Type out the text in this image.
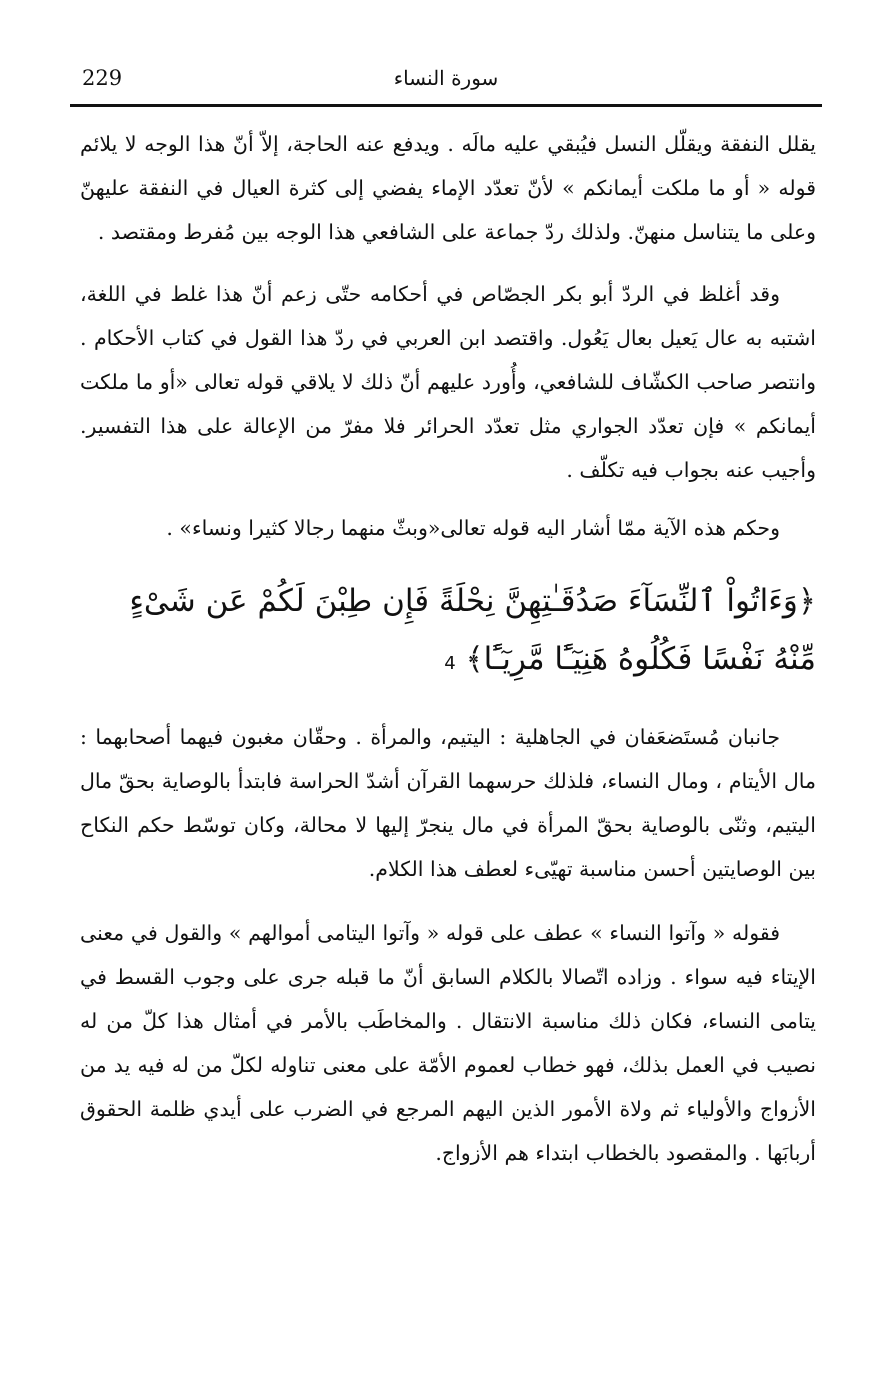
229	سورة النساء

يقلل النفقة ويقلّل النسل فيُبقي عليه مالَه . ويدفع عنه الحاجة، إلاّ أنّ هذا الوجه لا يلائم قوله « أو ما ملكت أيمانكم » لأنّ تعدّد الإماء يفضي إلى كثرة العيال في النفقة عليهنّ وعلى ما يتناسل منهنّ. ولذلك ردّ جماعة على الشافعي هذا الوجه بين مُفرط ومقتصد .

وقد أغلظ في الردّ أبو بكر الجصّاص في أحكامه حتّى زعم أنّ هذا غلط في اللغة، اشتبه به عال يَعيل بعال يَعُول. واقتصد ابن العربي في ردّ هذا القول في كتاب الأحكام . وانتصر صاحب الكشّاف للشافعي، وأُورد عليهم أنّ ذلك لا يلاقي قوله تعالى «أو ما ملكت أيمانكم » فإن تعدّد الجواري مثل تعدّد الحرائر فلا مفرّ من الإعالة على هذا التفسير. وأجيب عنه بجواب فيه تكلّف .

وحكم هذه الآية ممّا أشار اليه قوله تعالى«وبثّ منهما رجالا كثيرا ونساء» .

﴿وَءَاتُواْ ٱلنِّسَآءَ صَدُقَـٰتِهِنَّ نِحْلَةً فَإِن طِبْنَ لَكُمْ عَن شَىْءٍ مِّنْهُ نَفْسًا فَكُلُوهُ هَنِيٓـًٔا مَّرِيٓـًٔا﴾ 4

جانبان مُستَضعَفان في الجاهلية : اليتيم، والمرأة . وحقّان مغبون فيهما أصحابهما : مال الأيتام ، ومال النساء، فلذلك حرسهما القرآن أشدّ الحراسة فابتدأ بالوصاية بحقّ مال اليتيم، وثنّى بالوصاية بحقّ المرأة في مال ينجرّ إليها لا محالة، وكان توسّط حكم النكاح بين الوصايتين أحسن مناسبة تهيّىء لعطف هذا الكلام.

فقوله « وآتوا النساء » عطف على قوله « وآتوا اليتامى أموالهم » والقول في معنى الإيتاء فيه سواء . وزاده اتّصالا بالكلام السابق أنّ ما قبله جرى على وجوب القسط في يتامى النساء، فكان ذلك مناسبة الانتقال . والمخاطَب بالأمر في أمثال هذا كلّ من له نصيب في العمل بذلك، فهو خطاب لعموم الأمّة على معنى تناوله لكلّ من له فيه يد من الأزواج والأولياء ثم ولاة الأمور الذين اليهم المرجع في الضرب على أيدي ظلمة الحقوق أربابَها . والمقصود بالخطاب ابتداء هم الأزواج.
